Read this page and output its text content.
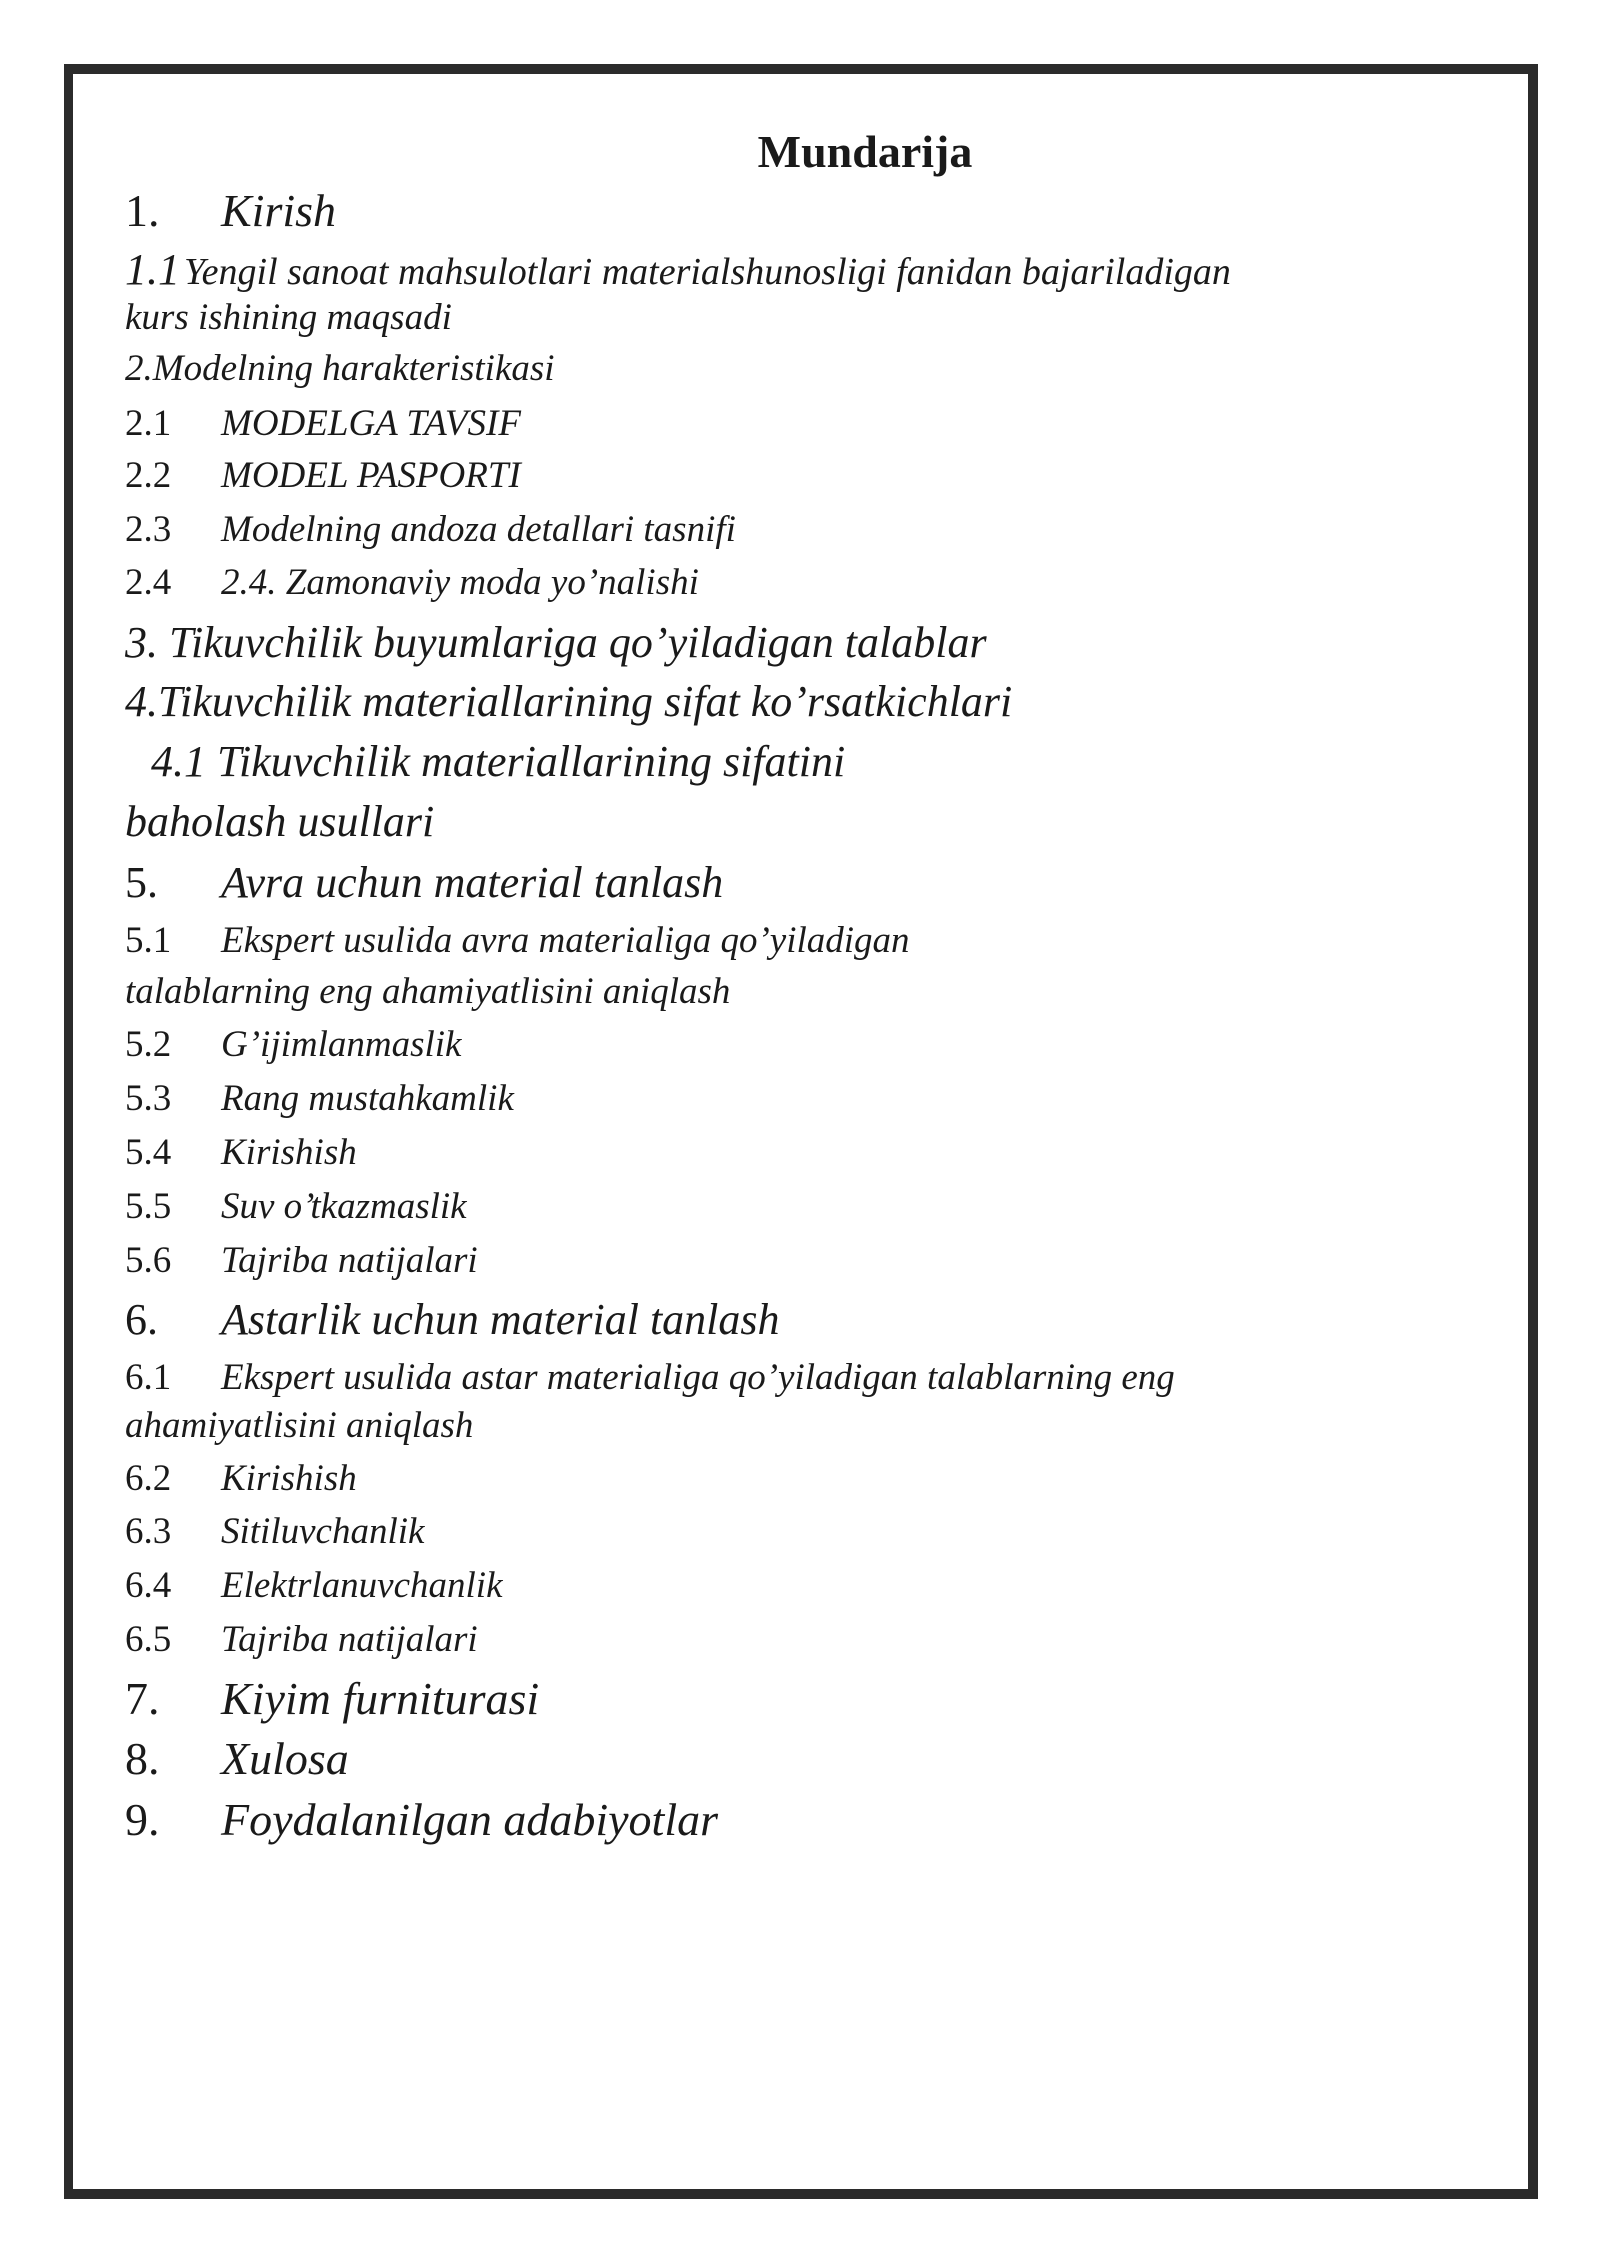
Mundarija
1. Kirish
1.1 Yengil sanoat mahsulotlari materialshunosligi fanidan bajariladigan
kurs ishining maqsadi
2.Modelning harakteristikasi
2.1 MODELGA TAVSIF
2.2 MODEL PASPORTI
2.3 Modelning andoza detallari tasnifi
2.4 2.4. Zamonaviy moda yo’nalishi
3. Tikuvchilik buyumlariga qo’yiladigan talablar
4.Tikuvchilik materiallarining sifat ko’rsatkichlari
4.1 Tikuvchilik materiallarining sifatini
baholash usullari
5. Avra uchun material tanlash
5.1 Ekspert usulida avra materialiga qo’yiladigan
talablarning eng ahamiyatlisini aniqlash
5.2 G’ijimlanmaslik
5.3 Rang mustahkamlik
5.4 Kirishish
5.5 Suv o’tkazmaslik
5.6 Tajriba natijalari
6. Astarlik uchun material tanlash
6.1 Ekspert usulida astar materialiga qo’yiladigan talablarning eng
ahamiyatlisini aniqlash
6.2 Kirishish
6.3 Sitiluvchanlik
6.4 Elektrlanuvchanlik
6.5 Tajriba natijalari
7. Kiyim furniturasi
8. Xulosa
9. Foydalanilgan adabiyotlar
